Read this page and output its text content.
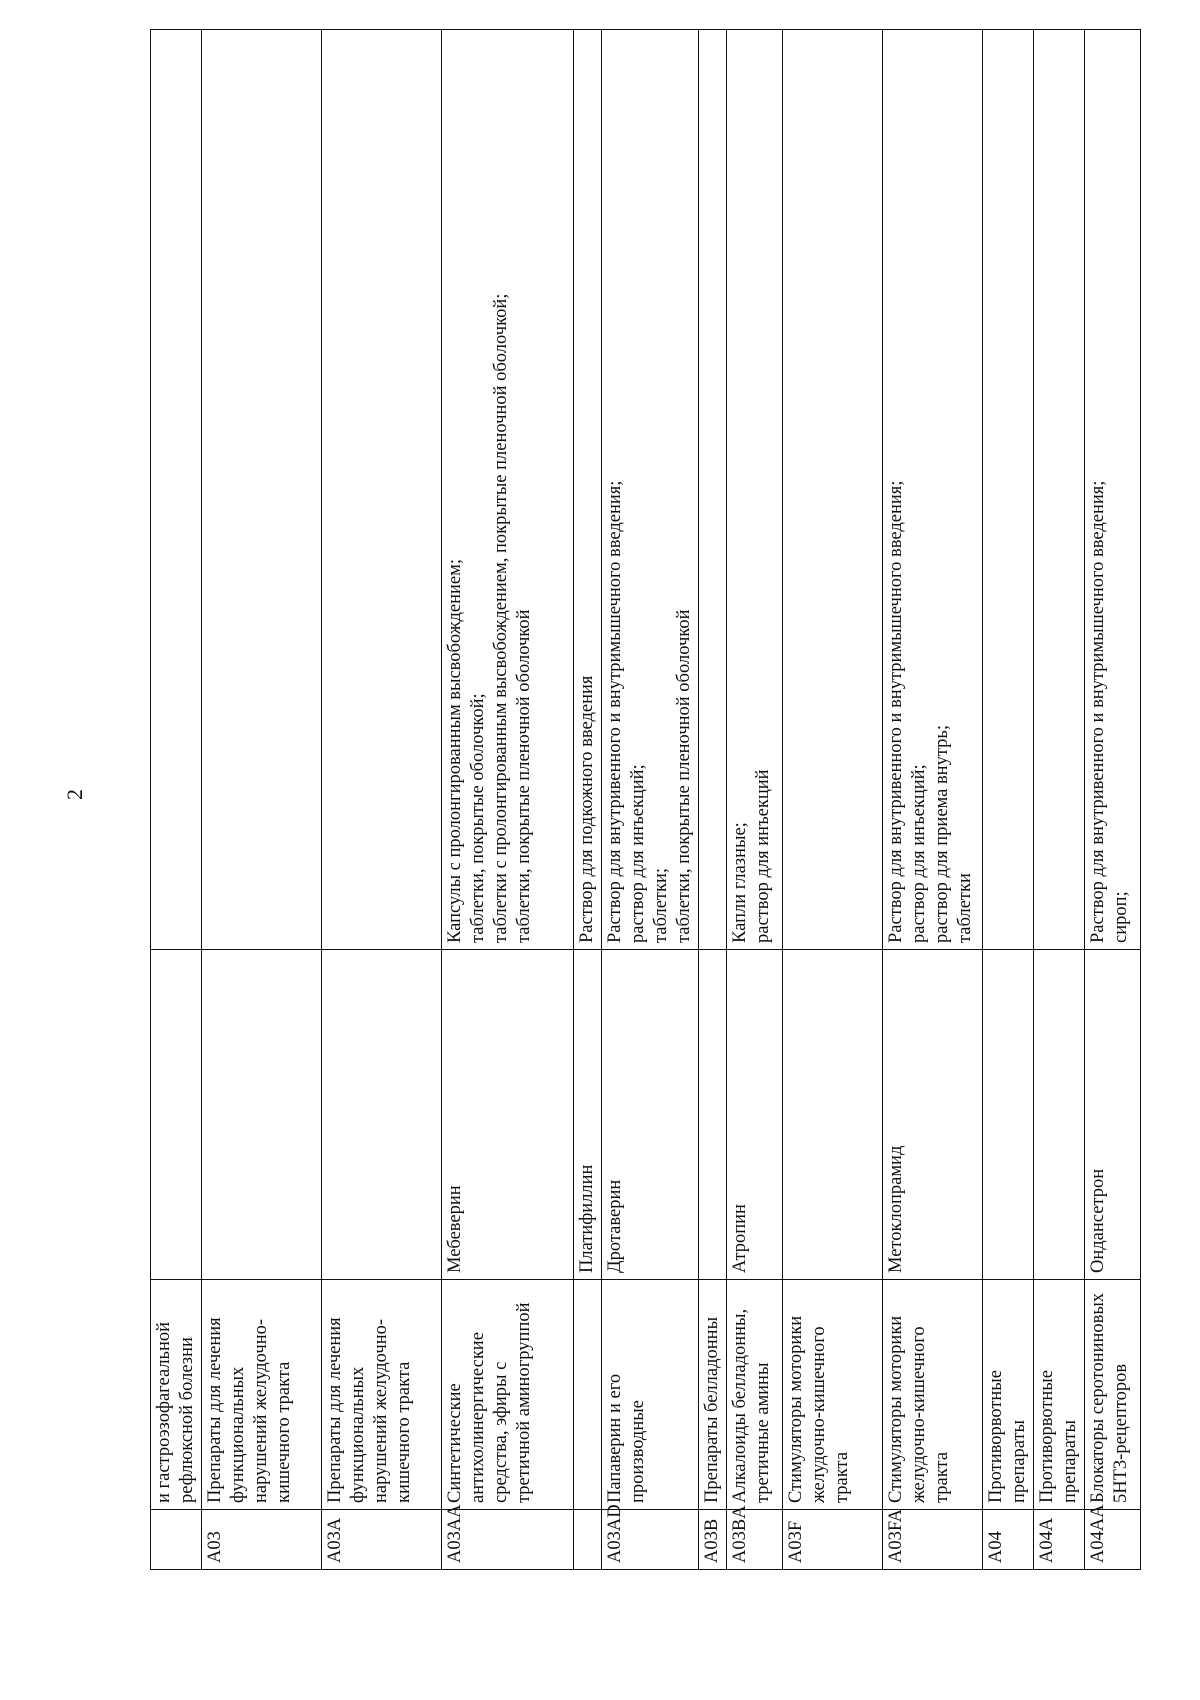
2
	и гастроэзофагеальной рефлюксной болезни		
A03	Препараты для лечения функциональных нарушений желудочно-кишечного тракта		
A03A	Препараты для лечения функциональных нарушений желудочно-кишечного тракта		
A03AA	Синтетические антихолинергические средства, эфиры с третичной аминогруппой	Мебеверин	Капсулы с пролонгированным высвобождением; таблетки, покрытые оболочкой; таблетки с пролонгированным высвобождением, покрытые пленочной оболочкой; таблетки, покрытые пленочной оболочкой

		Платифиллин	Раствор для подкожного введения

A03AD	Папаверин и его производные	Дротаверин	Раствор для внутривенного и внутримышечного введения; раствор для инъекций; таблетки; таблетки, покрытые пленочной оболочкой

A03B	Препараты белладонны		
A03BA	Алкалоиды белладонны, третичные амины	Атропин	Капли глазные; раствор для инъекций

A03F	Стимуляторы моторики желудочно-кишечного тракта		
A03FA	Стимуляторы моторики желудочно-кишечного тракта	Метоклопрамид	Раствор для внутривенного и внутримышечного введения; раствор для инъекций; раствор для приема внутрь; таблетки

A04	Противорвотные препараты		
A04A	Противорвотные препараты		
A04AA	Блокаторы серотониновых 5HT3-рецепторов	Ондансетрон	Раствор для внутривенного и внутримышечного введения; сироп;
